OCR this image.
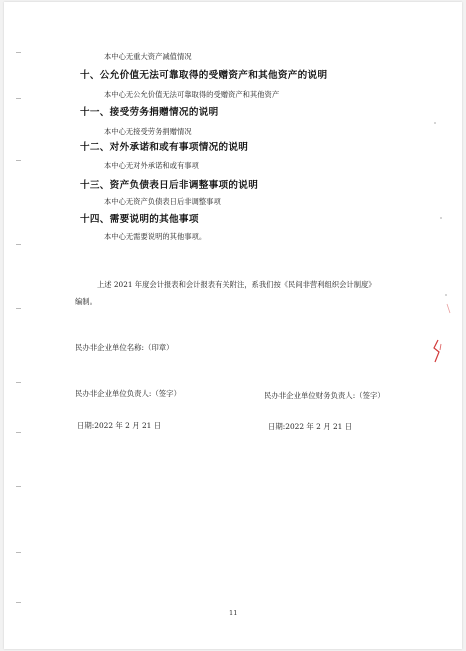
本中心无重大资产减值情况
十、公允价值无法可靠取得的受赠资产和其他资产的说明
本中心无公允价值无法可靠取得的受赠资产和其他资产
十一、接受劳务捐赠情况的说明
本中心无接受劳务捐赠情况
十二、对外承诺和或有事项情况的说明
本中心无对外承诺和或有事项
十三、资产负债表日后非调整事项的说明
本中心无资产负债表日后非调整事项
十四、需要说明的其他事项
本中心无需要说明的其他事项。
上述 2021 年度会计报表和会计报表有关附注，系我们按《民间非营利组织会计制度》
编制。
民办非企业单位名称:（印章）
民办非企业单位负责人:（签字）	民办非企业单位财务负责人:（签字）
日期:2022 年 2 月 21 日	日期:2022 年 2 月 21 日
11
